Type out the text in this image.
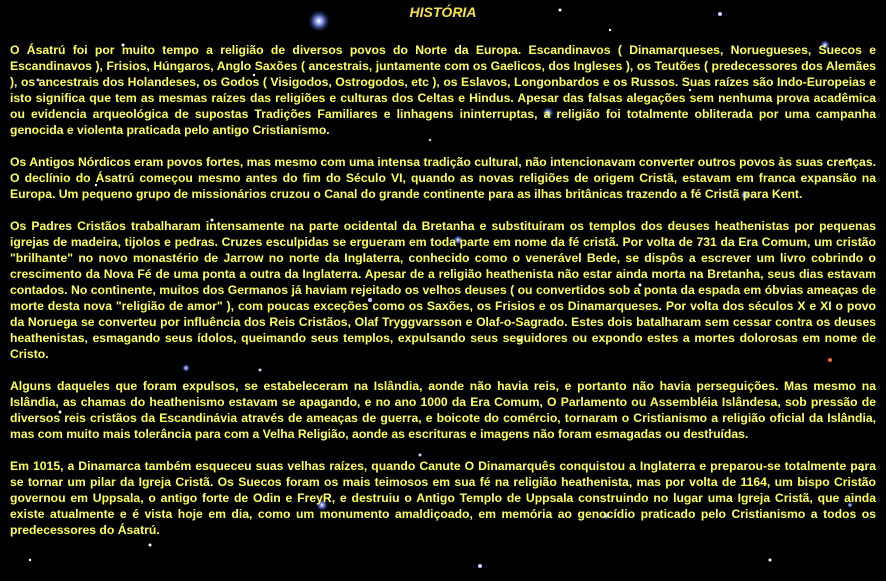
HISTÓRIA

O Ásatrú foi por muito tempo a religião de diversos povos do Norte da Europa. Escandinavos ( Dinamarqueses, Noruegueses, Suecos e Escandinavos ), Frisios, Húngaros, Anglo Saxões ( ancestrais, juntamente com os Gaelicos, dos Ingleses ), os Teutões ( predecessores dos Alemães ), os ancestrais dos Holandeses, os Godos ( Visigodos, Ostrogodos, etc ), os Eslavos, Longonbardos e os Russos. Suas raízes são Indo-Europeias e isto significa que tem as mesmas raízes das religiões e culturas dos Celtas e Hindus. Apesar das falsas alegações sem nenhuma prova acadêmica ou evidencia arqueológica de supostas Tradições Familiares e linhagens ininterruptas, a religião foi totalmente obliterada por uma campanha genocida e violenta praticada pelo antigo Cristianismo.

Os Antigos Nórdicos eram povos fortes, mas mesmo com uma intensa tradição cultural, não intencionavam converter outros povos às suas crenças. O declínio do Ásatrú começou mesmo antes do fim do Século VI, quando as novas religiões de origem Cristã, estavam em franca expansão na Europa. Um pequeno grupo de missionários cruzou o Canal do grande continente para as ilhas britânicas trazendo a fé Cristã para Kent.

Os Padres Cristãos trabalharam intensamente na parte ocidental da Bretanha e substituíram os templos dos deuses heathenistas por pequenas igrejas de madeira, tijolos e pedras. Cruzes esculpidas se ergueram em toda parte em nome da fé cristã. Por volta de 731 da Era Comum, um cristão "brilhante" no novo monastério de Jarrow no norte da Inglaterra, conhecido como o venerável Bede, se dispôs a escrever um livro cobrindo o crescimento da Nova Fé de uma ponta a outra da Inglaterra. Apesar de a religião heathenista não estar ainda morta na Bretanha, seus dias estavam contados. No continente, muitos dos Germanos já haviam rejeitado os velhos deuses ( ou convertidos sob a ponta da espada em óbvias ameaças de morte desta nova "religião de amor" ), com poucas exceções como os Saxões, os Frisios e os Dinamarqueses. Por volta dos séculos X e XI o povo da Noruega se converteu por influência dos Reis Cristãos, Olaf Tryggvarsson e Olaf-o-Sagrado. Estes dois batalharam sem cessar contra os deuses heathenistas, esmagando seus ídolos, queimando seus templos, expulsando seus seguidores ou expondo estes a mortes dolorosas em nome de Cristo.

Alguns daqueles que foram expulsos, se estabeleceram na Islândia, aonde não havia reis, e portanto não havia perseguições. Mas mesmo na Islândia, as chamas do heathenismo estavam se apagando, e no ano 1000 da Era Comum, O Parlamento ou Assembléia Islândesa, sob pressão de diversos reis cristãos da Escandinávia através de ameaças de guerra, e boicote do comércio, tornaram o Cristianismo a religião oficial da Islândia, mas com muito mais tolerância para com a Velha Religião, aonde as escrituras e imagens não foram esmagadas ou destruídas.

Em 1015, a Dinamarca também esqueceu suas velhas raízes, quando Canute O Dinamarquês conquistou a Inglaterra e preparou-se totalmente para se tornar um pilar da Igreja Cristã. Os Suecos foram os mais teimosos em sua fé na religião heathenista, mas por volta de 1164, um bispo Cristão governou em Uppsala, o antigo forte de Odin e FreyR, e destruiu o Antigo Templo de Uppsala construindo no lugar uma Igreja Cristã, que ainda existe atualmente e é vista hoje em dia, como um monumento amaldiçoado, em memória ao genocídio praticado pelo Cristianismo a todos os predecessores do Ásatrú.
